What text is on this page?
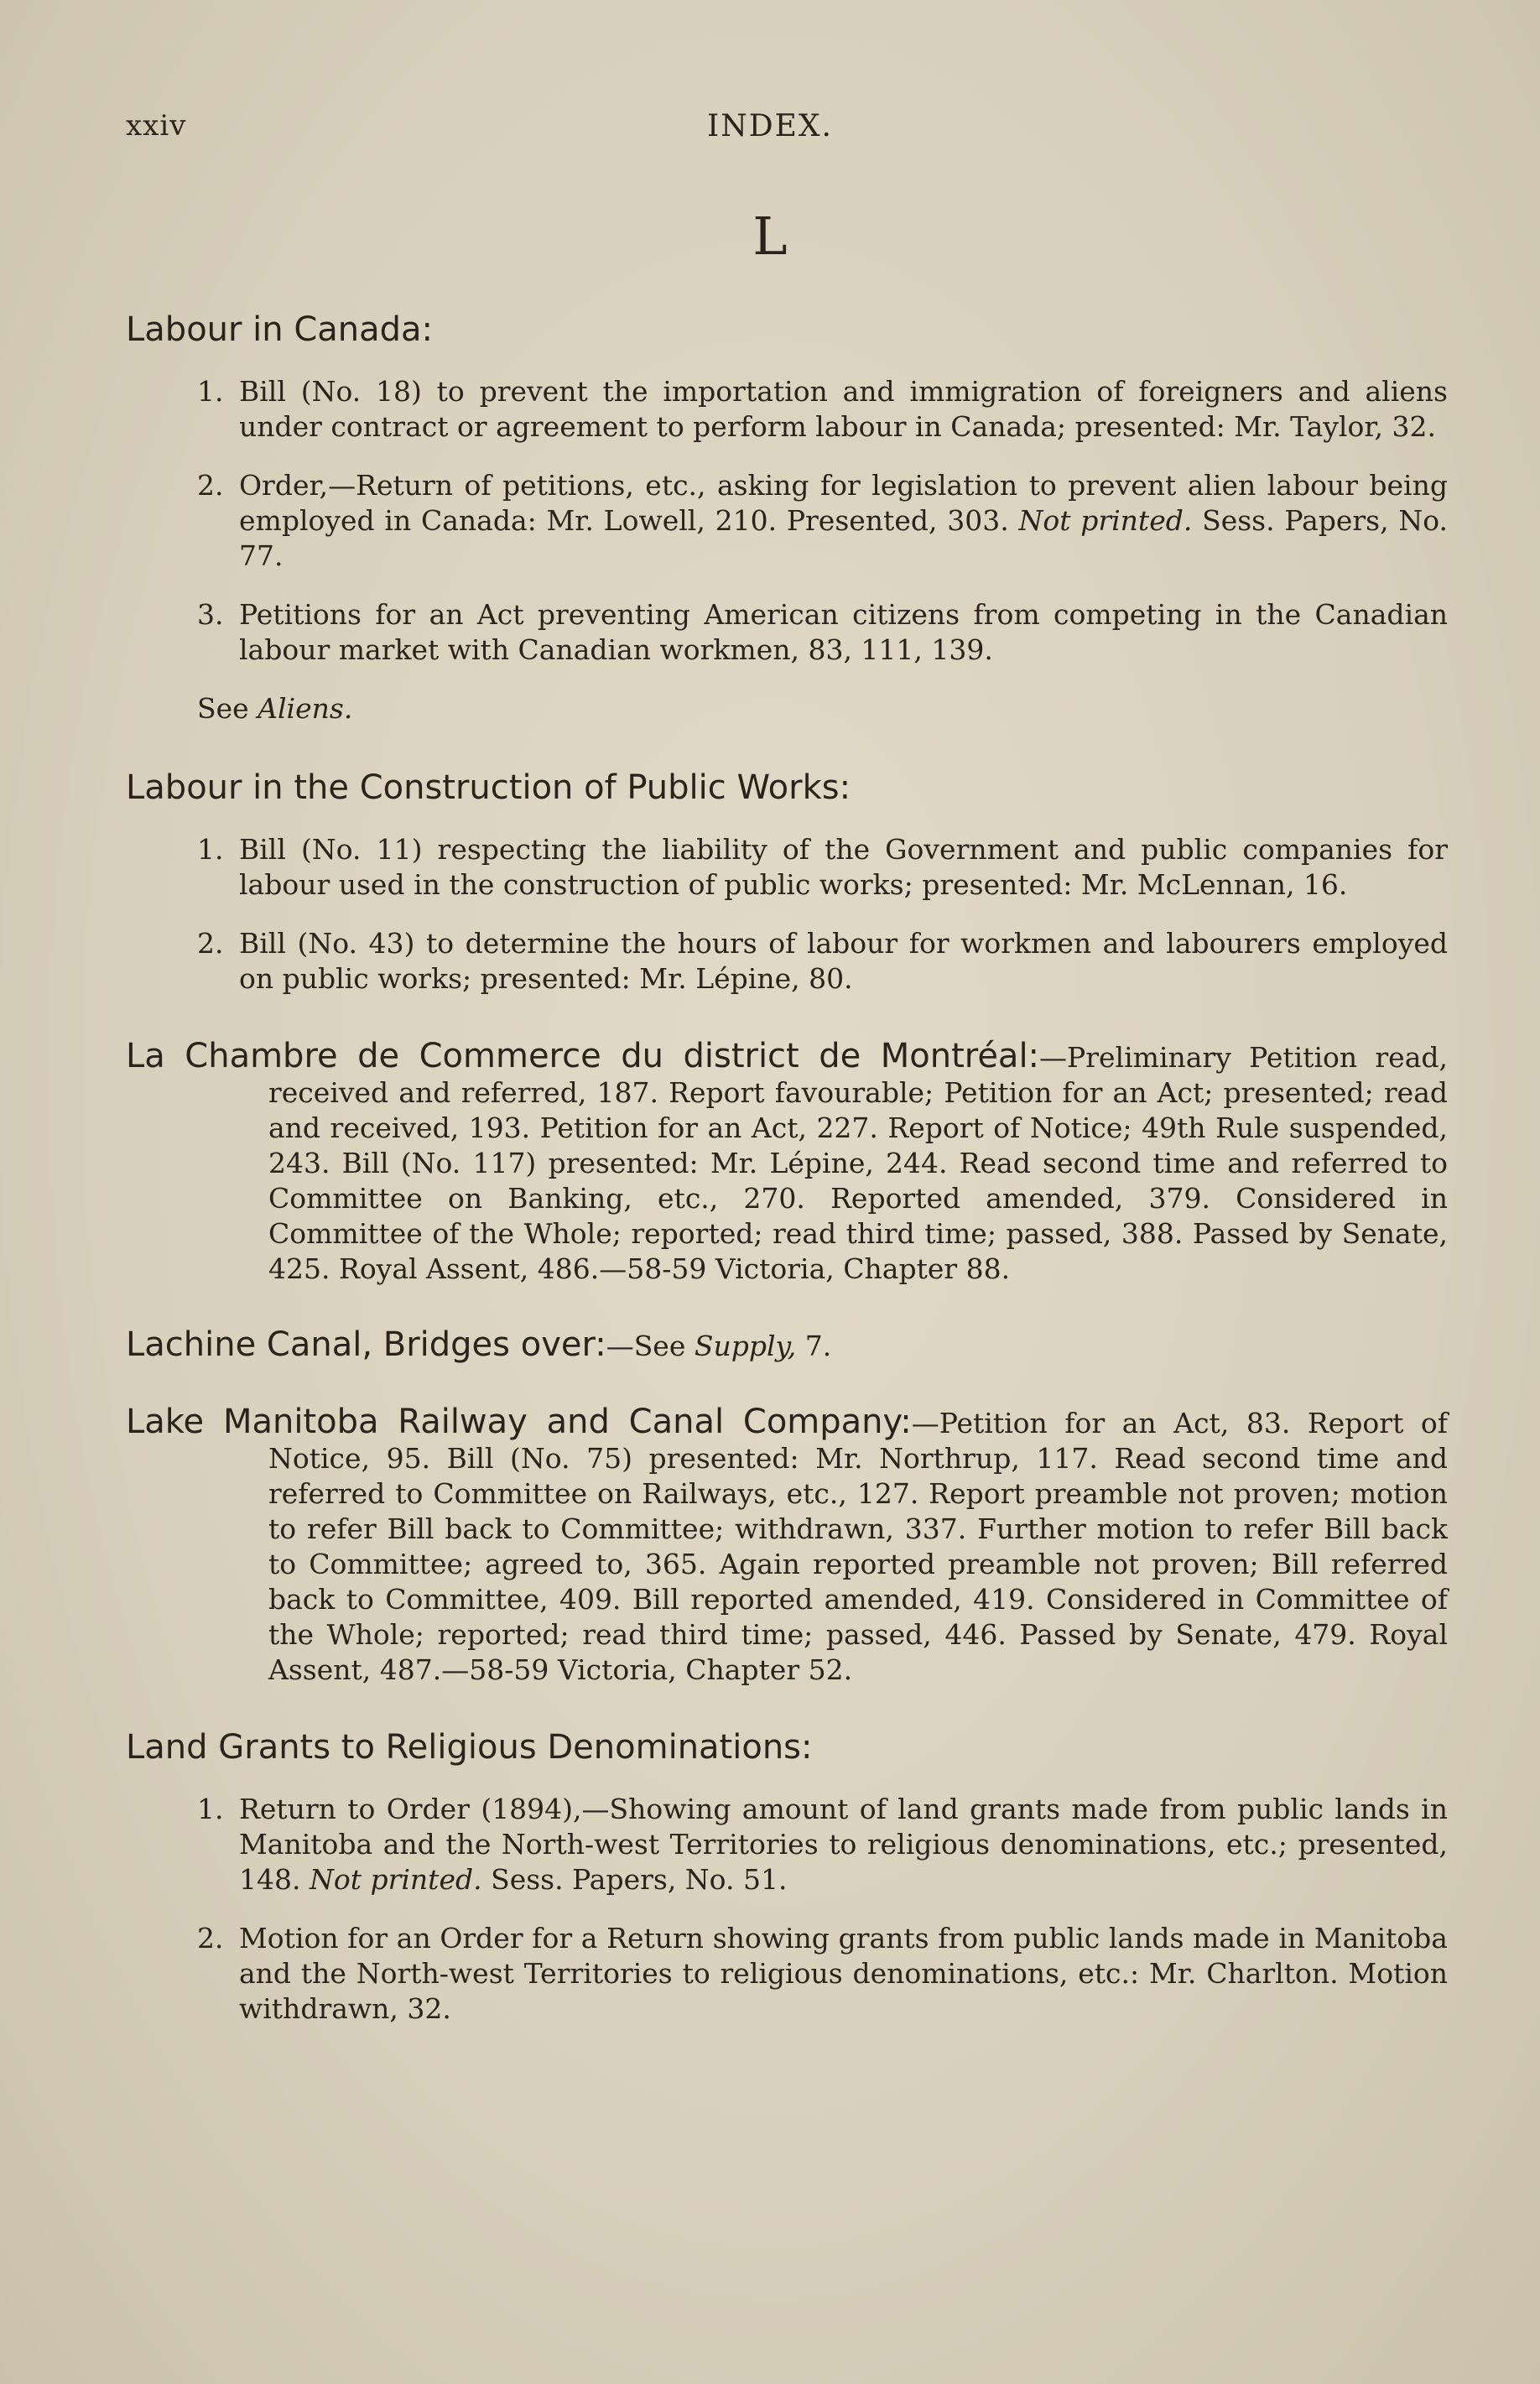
xxiv	INDEX.
L
Labour in Canada:
1. Bill (No. 18) to prevent the importation and immigration of foreigners and aliens under contract or agreement to perform labour in Canada; presented: Mr. Taylor, 32.
2. Order,—Return of petitions, etc., asking for legislation to prevent alien labour being employed in Canada: Mr. Lowell, 210. Presented, 303. Not printed. Sess. Papers, No. 77.
3. Petitions for an Act preventing American citizens from competing in the Canadian labour market with Canadian workmen, 83, 111, 139.
See Aliens.
Labour in the Construction of Public Works:
1. Bill (No. 11) respecting the liability of the Government and public companies for labour used in the construction of public works; presented: Mr. McLennan, 16.
2. Bill (No. 43) to determine the hours of labour for workmen and labourers employed on public works; presented: Mr. Lépine, 80.
La Chambre de Commerce du district de Montréal:—Preliminary Petition read, received and referred, 187. Report favourable; Petition for an Act; presented; read and received, 193. Petition for an Act, 227. Report of Notice; 49th Rule suspended, 243. Bill (No. 117) presented: Mr. Lépine, 244. Read second time and referred to Committee on Banking, etc., 270. Reported amended, 379. Considered in Committee of the Whole; reported; read third time; passed, 388. Passed by Senate, 425. Royal Assent, 486.—58-59 Victoria, Chapter 88.
Lachine Canal, Bridges over:—See Supply, 7.
Lake Manitoba Railway and Canal Company:—Petition for an Act, 83. Report of Notice, 95. Bill (No. 75) presented: Mr. Northrup, 117. Read second time and referred to Committee on Railways, etc., 127. Report preamble not proven; motion to refer Bill back to Committee; withdrawn, 337. Further motion to refer Bill back to Committee; agreed to, 365. Again reported preamble not proven; Bill referred back to Committee, 409. Bill reported amended, 419. Considered in Committee of the Whole; reported; read third time; passed, 446. Passed by Senate, 479. Royal Assent, 487.—58-59 Victoria, Chapter 52.
Land Grants to Religious Denominations:
1. Return to Order (1894),—Showing amount of land grants made from public lands in Manitoba and the North-west Territories to religious denominations, etc.; presented, 148. Not printed. Sess. Papers, No. 51.
2. Motion for an Order for a Return showing grants from public lands made in Manitoba and the North-west Territories to religious denominations, etc.: Mr. Charlton. Motion withdrawn, 32.
